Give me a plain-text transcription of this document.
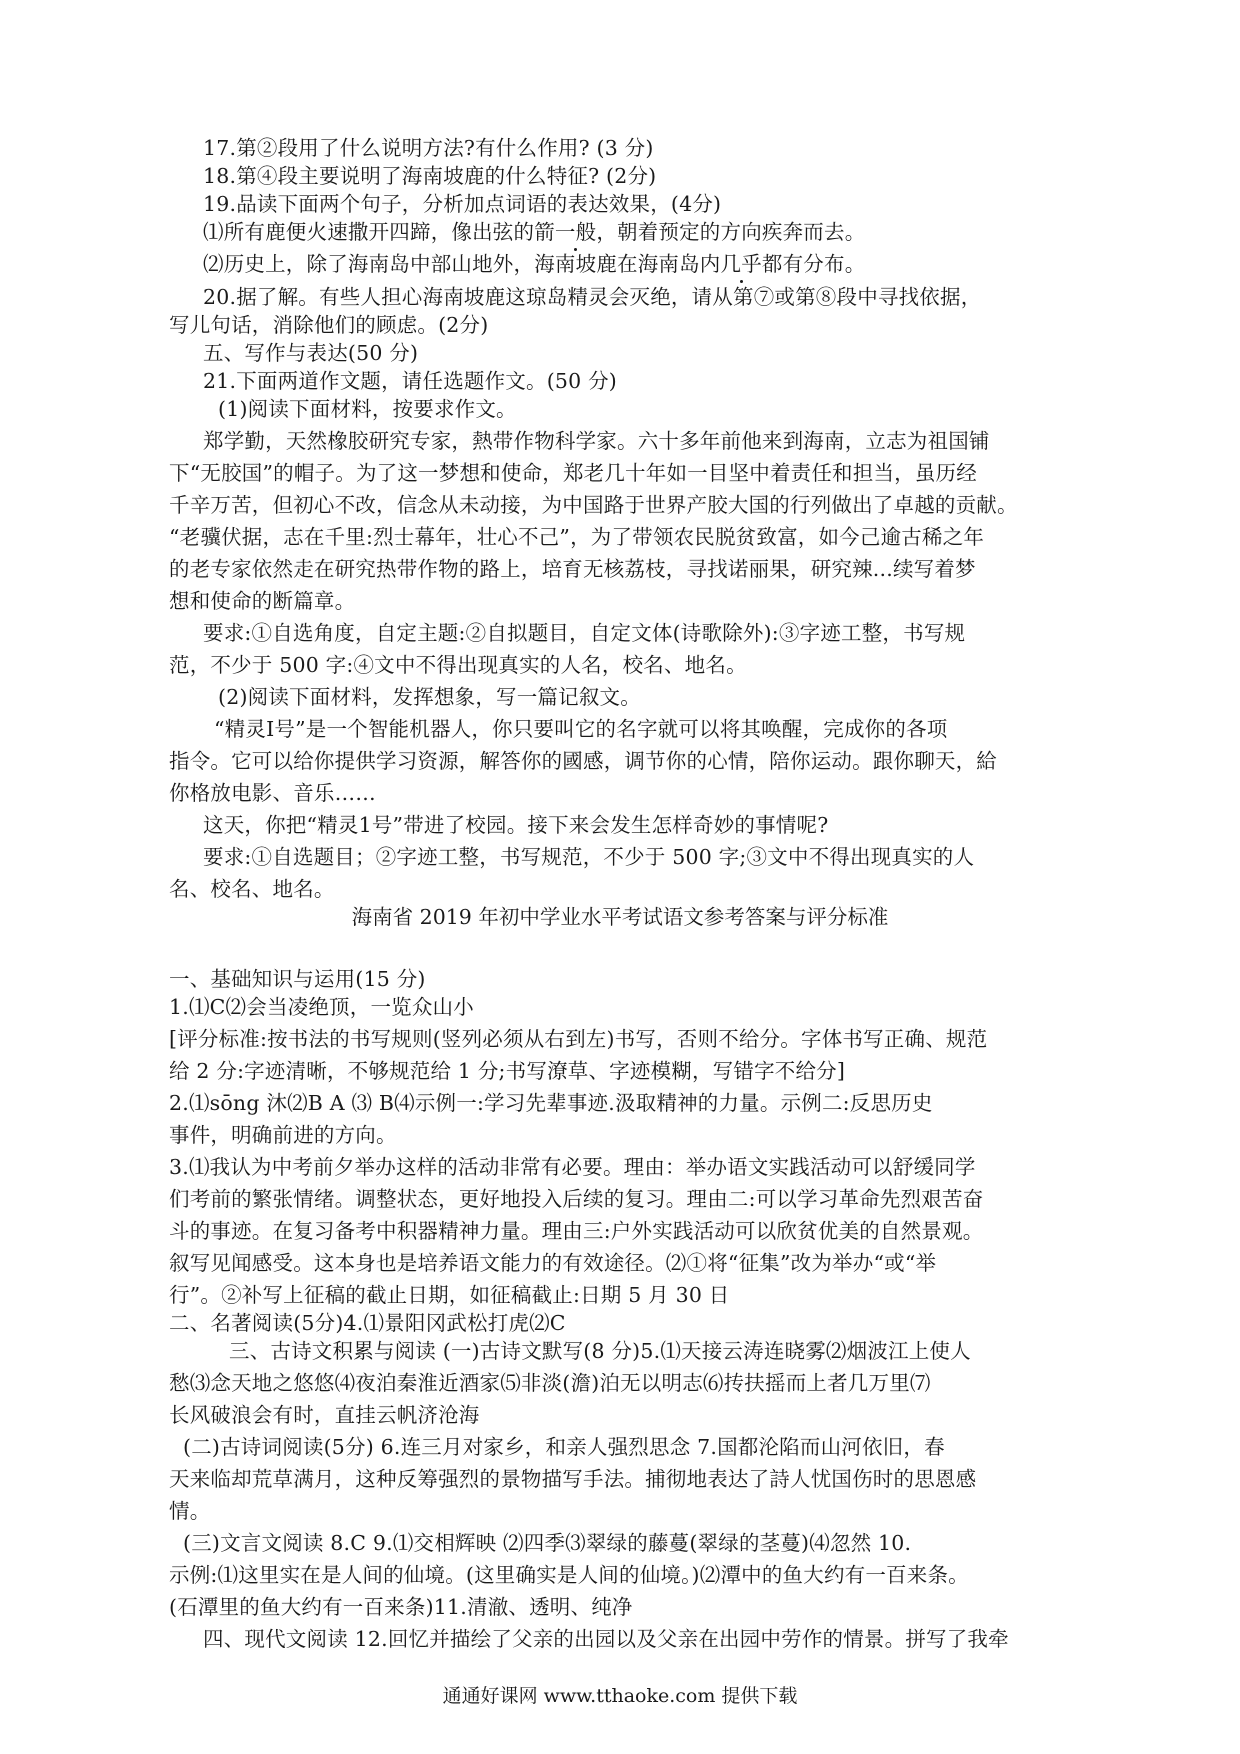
17.第②段用了什么说明方法?有什么作用? (3 分)
18.第④段主要说明了海南坡鹿的什么特征? (2分)
19.品读下面两个句子，分析加点词语的表达效果，(4分)
⑴所有鹿便火速撒开四蹄，像出弦的箭一般，朝着预定的方向疾奔而去。
⑵历史上，除了海南岛中部山地外，海南坡鹿在海南岛内几乎都有分布。
20.据了解。有些人担心海南坡鹿这琼岛精灵会灭绝，请从第⑦或第⑧段中寻找依据，
写儿句话，消除他们的顾虑。(2分)
五、写作与表达(50 分)
21.下面两道作文题，请任选题作文。(50 分)
(1)阅读下面材料，按要求作文。
郑学勤，天然橡胶研究专家，熱带作物科学家。六十多年前他来到海南，立志为祖国铺
下“无胶国”的帽子。为了这一梦想和使命，郑老几十年如一目坚中着责任和担当，虽历经
千辛万苦，但初心不改，信念从未动接，为中国路于世界产胶大国的行列做出了卓越的贡献。
“老骥伏据，志在千里:烈士幕年，壮心不己”，为了带领农民脱贫致富，如今己逾古稀之年
的老专家依然走在研究热带作物的路上，培育无核荔枝，寻找诺丽果，研究辣...续写着梦
想和使命的断篇章。
要求:①自选角度，自定主题:②自拟题目，自定文体(诗歌除外):③字迹工整，书写规
范，不少于 500 字:④文中不得出现真实的人名，校名、地名。
(2)阅读下面材料，发挥想象，写一篇记叙文。
“精灵Ⅰ号”是一个智能机器人，你只要叫它的名字就可以将其唤醒，完成你的各项
指令。它可以给你提供学习资源，解答你的國感，调节你的心情，陪你运动。跟你聊天，給
你格放电影、音乐……
这天，你把“精灵1号”带进了校园。接下来会发生怎样奇妙的事情呢?
要求:①自选题目；②字迹工整，书写规范，不少于 500 字;③文中不得出现真实的人
名、校名、地名。
海南省 2019 年初中学业水平考试语文参考答案与评分标准
一、基础知识与运用(15 分)
1.⑴C⑵会当凌绝顶，一览众山小
[评分标准:按书法的书写规则(竖列必须从右到左)书写，否则不给分。字体书写正确、规范
给 2 分:字迹清晰，不够规范给 1 分;书写潦草、字迹模糊，写错字不给分]
2.⑴sōng 沐⑵B A ⑶ B⑷示例一:学习先辈事迹.汲取精神的力量。示例二:反思历史
事件，明确前进的方向。
3.⑴我认为中考前夕举办这样的活动非常有必要。理由：举办语文实践活动可以舒缓同学
们考前的繁张情绪。调整状态，更好地投入后续的复习。理由二:可以学习革命先烈艰苦奋
斗的事迹。在复习备考中积器精神力量。理由三:户外实践活动可以欣贫优美的自然景观。
叙写见闻感受。这本身也是培养语文能力的有效途径。⑵①将“征集”改为举办“或“举
行”。②补写上征稿的截止日期，如征稿截止:日期 5 月 30 日
二、名著阅读(5分)4.⑴景阳冈武松打虎⑵C
三、古诗文积累与阅读 (一)古诗文默写(8 分)5.⑴天接云涛连晓雾⑵烟波江上使人
愁⑶念天地之悠悠⑷夜泊秦淮近酒家⑸非淡(澹)泊无以明志⑹抟扶摇而上者几万里⑺
长风破浪会有时，直挂云帆济沧海
(二)古诗词阅读(5分) 6.连三月对家乡，和亲人强烈思念 7.国都沦陷而山河依旧，春
天来临却荒草满月，这种反筹强烈的景物描写手法。捕彻地表达了詩人忧国伤时的思恩感
情。
(三)文言文阅读 8.C 9.⑴交相辉映 ⑵四季⑶翠绿的藤蔓(翠绿的茎蔓)⑷忽然 10.
示例:⑴这里实在是人间的仙境。(这里确实是人间的仙境。)⑵潭中的鱼大约有一百来条。
(石潭里的鱼大约有一百来条)11.清澈、透明、纯净
四、现代文阅读 12.回忆并描绘了父亲的出园以及父亲在出园中劳作的情景。拼写了我牵
通通好课网 www.tthaoke.com 提供下载
